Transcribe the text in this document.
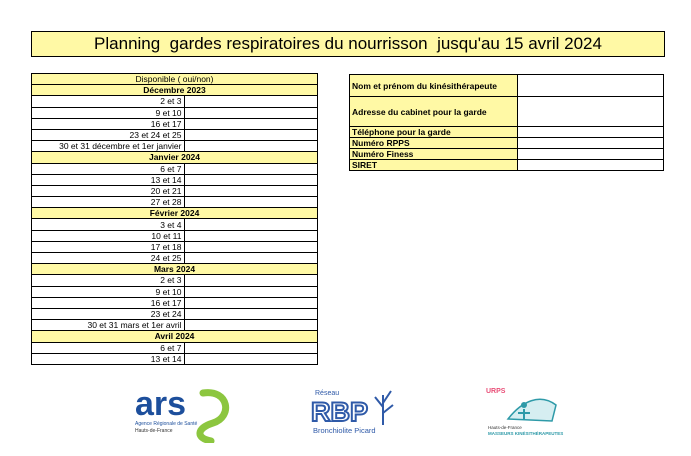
Planning  gardes respiratoires du nourrisson  jusqu'au 15 avril 2024
Disponible ( oui/non)	
Décembre 2023	
2 et 3	
9 et 10	
16 et 17	
23 et 24 et 25	
30 et 31 décembre et 1er janvier	
Janvier 2024	
6 et 7	
13 et 14	
20 et 21	
27 et 28	
Février 2024	
3 et 4	
10 et 11	
17 et 18	
24 et 25	
Mars 2024	
2 et 3	
9 et 10	
16 et 17	
23 et 24	
30 et 31 mars et 1er avril	
Avril 2024	
6 et 7	
13 et 14	
Nom et prénom du kinésithérapeute	
Adresse du cabinet pour la garde	
Téléphone pour la garde	
Numéro RPPS	
Numéro Finess	
SIRET	
ars
Agence Régionale de Santé
Hauts-de-France
Réseau
RBP
Bronchiolite Picard
URPS
Hauts-de-France
MASSEURS KINÉSITHÉRAPEUTES
